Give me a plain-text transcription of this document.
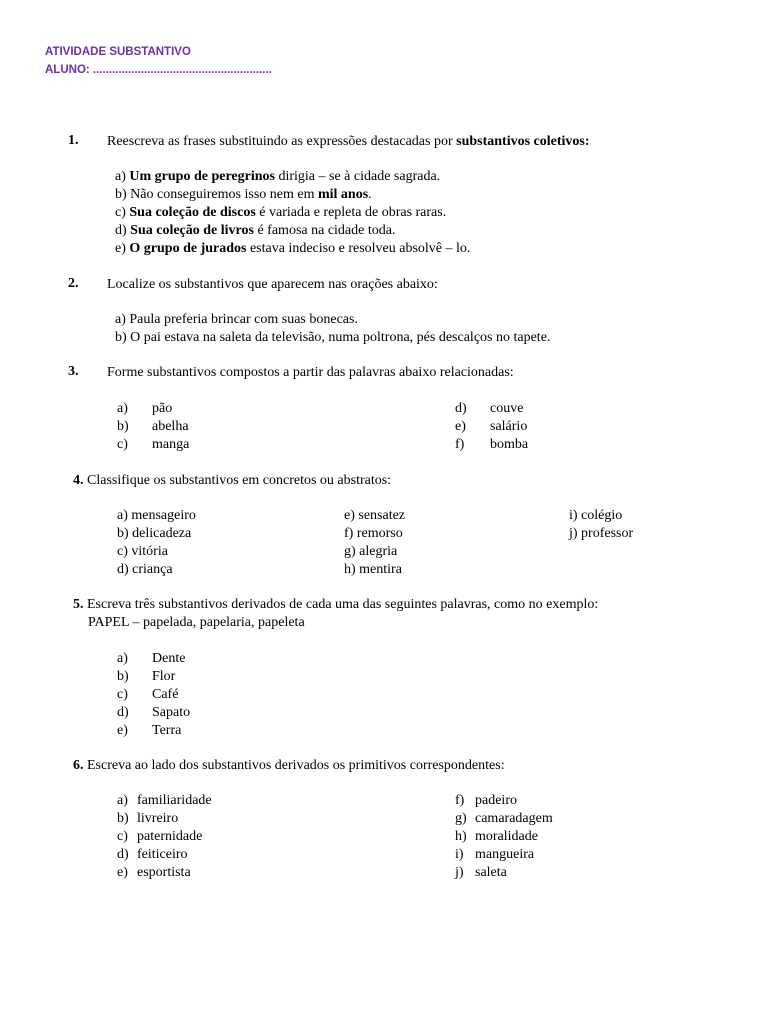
ATIVIDADE SUBSTANTIVO
ALUNO: ........................................................
1. Reescreva as frases substituindo as expressões destacadas por substantivos coletivos:
a) Um grupo de peregrinos dirigia – se à cidade sagrada.
b) Não conseguiremos isso nem em mil anos.
c) Sua coleção de discos é variada e repleta de obras raras.
d) Sua coleção de livros é famosa na cidade toda.
e) O grupo de jurados estava indeciso e resolveu absolvê – lo.
2. Localize os substantivos que aparecem nas orações abaixo:
a) Paula preferia brincar com suas bonecas.
b) O pai estava na saleta da televisão, numa poltrona, pés descalços no tapete.
3. Forme substantivos compostos a partir das palavras abaixo relacionadas:
a) pão
b) abelha
c) manga
d) couve
e) salário
f) bomba
4. Classifique os substantivos em concretos ou abstratos:
a) mensageiro
b) delicadeza
c) vitória
d) criança
e) sensatez
f) remorso
g) alegria
h) mentira
i) colégio
j) professor
5. Escreva três substantivos derivados de cada uma das seguintes palavras, como no exemplo:
PAPEL – papelada, papelaria, papeleta
a) Dente
b) Flor
c) Café
d) Sapato
e) Terra
6. Escreva ao lado dos substantivos derivados os primitivos correspondentes:
a) familiaridade
b) livreiro
c) paternidade
d) feiticeiro
e) esportista
f) padeiro
g) camaradagem
h) moralidade
i) mangueira
j) saleta
